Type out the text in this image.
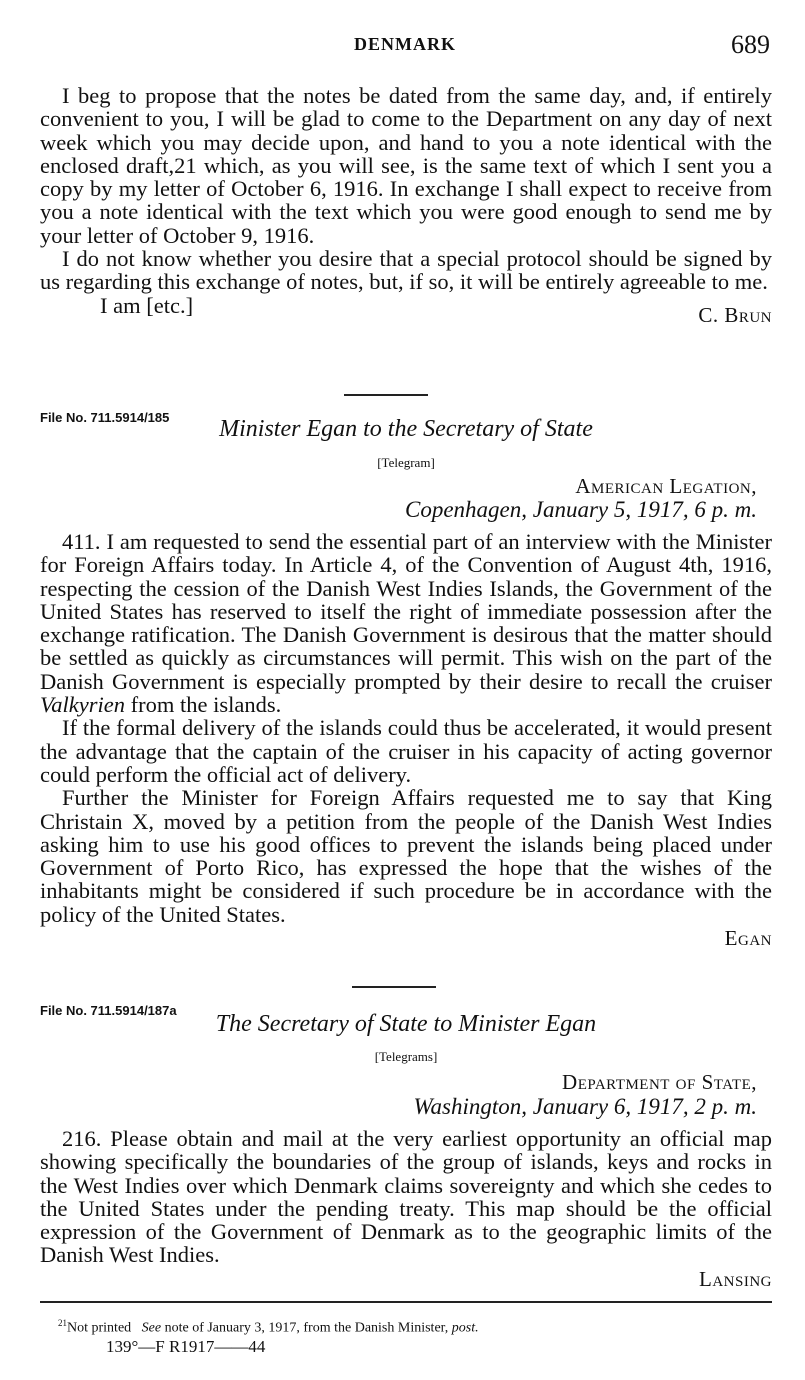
DENMARK	689

I beg to propose that the notes be dated from the same day, and, if entirely convenient to you, I will be glad to come to the Department on any day of next week which you may decide upon, and hand to you a note identical with the enclosed draft,21 which, as you will see, is the same text of which I sent you a copy by my letter of October 6, 1916. In exchange I shall expect to receive from you a note identical with the text which you were good enough to send me by your letter of October 9, 1916.

I do not know whether you desire that a special protocol should be signed by us regarding this exchange of notes, but, if so, it will be entirely agreeable to me.

I am [etc.]	C. Brun
File No. 711.5914/185	Minister Egan to the Secretary of State
[Telegram]
American Legation,
Copenhagen, January 5, 1917, 6 p. m.

411. I am requested to send the essential part of an interview with the Minister for Foreign Affairs today. In Article 4, of the Convention of August 4th, 1916, respecting the cession of the Danish West Indies Islands, the Government of the United States has reserved to itself the right of immediate possession after the exchange ratification. The Danish Government is desirous that the matter should be settled as quickly as circumstances will permit. This wish on the part of the Danish Government is especially prompted by their desire to recall the cruiser Valkyrien from the islands.

If the formal delivery of the islands could thus be accelerated, it would present the advantage that the captain of the cruiser in his capacity of acting governor could perform the official act of delivery.

Further the Minister for Foreign Affairs requested me to say that King Christain X, moved by a petition from the people of the Danish West Indies asking him to use his good offices to prevent the islands being placed under Government of Porto Rico, has expressed the hope that the wishes of the inhabitants might be considered if such procedure be in accordance with the policy of the United States.

Egan
File No. 711.5914/187a
The Secretary of State to Minister Egan
[Telegrams]
Department of State,
Washington, January 6, 1917, 2 p. m.

216. Please obtain and mail at the very earliest opportunity an official map showing specifically the boundaries of the group of islands, keys and rocks in the West Indies over which Denmark claims sovereignty and which she cedes to the United States under the pending treaty. This map should be the official expression of the Government of Denmark as to the geographic limits of the Danish West Indies.

Lansing
$^{21}$Not printed See note of January 3, 1917, from the Danish Minister, post.
139°—F R1917——44
